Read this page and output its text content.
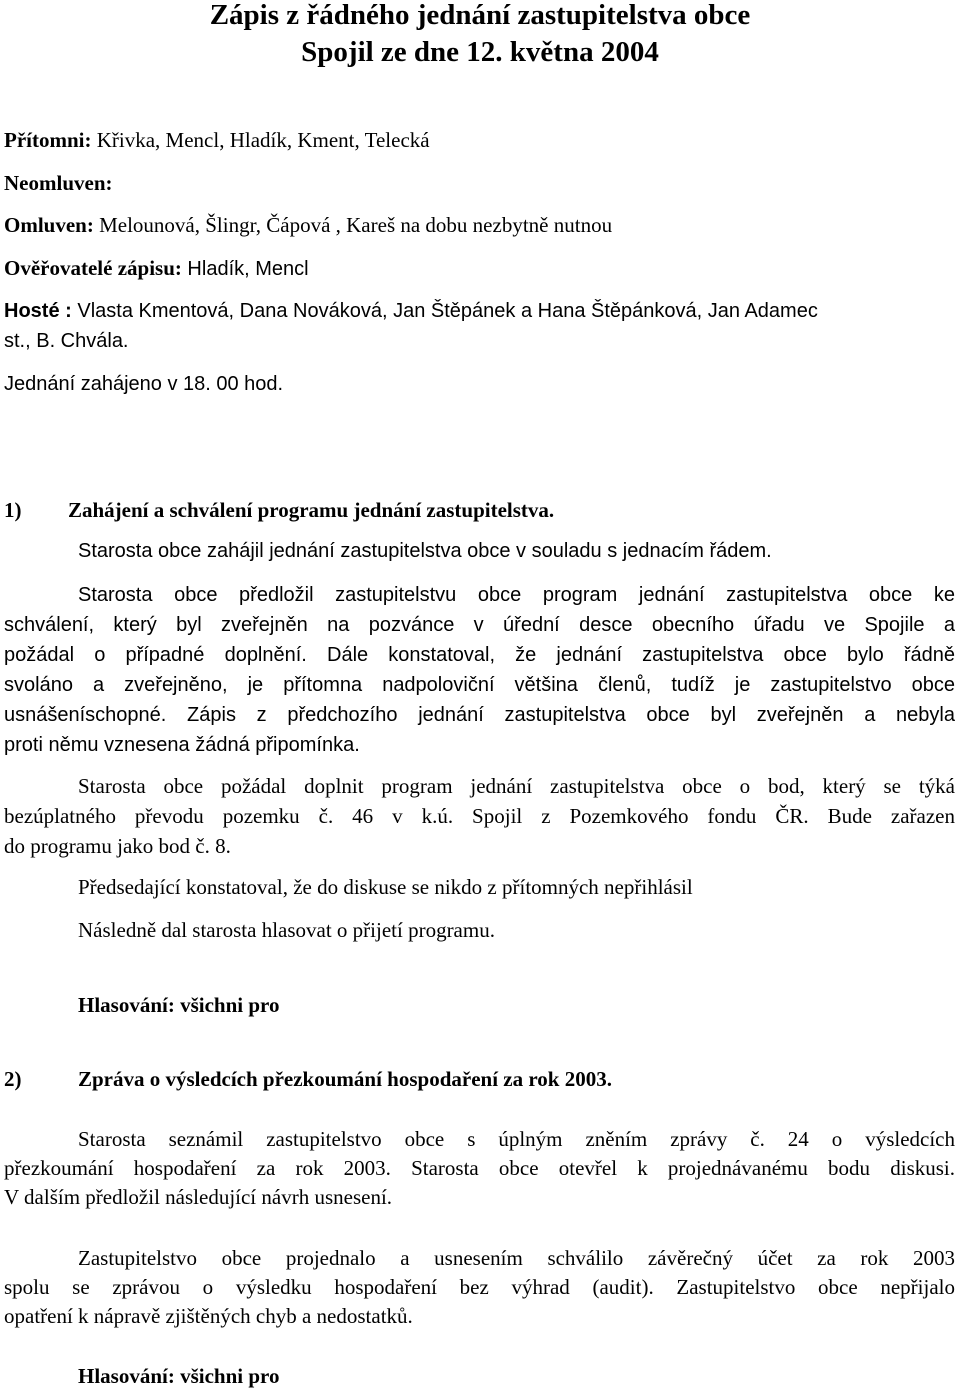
Zápis z řádného jednání zastupitelstva obce
Spojil ze dne 12. května 2004
Přítomni: Křivka, Mencl, Hladík, Kment, Telecká
Neomluven:
Omluven: Melounová, Šlingr, Čápová , Kareš na dobu nezbytně nutnou
Ověřovatelé zápisu: Hladík, Mencl
Hosté : Vlasta Kmentová, Dana Nováková, Jan Štěpánek a Hana Štěpánková, Jan Adamec
st., B. Chvála.
Jednání zahájeno v 18. 00 hod.
1) Zahájení a schválení programu jednání zastupitelstva.
Starosta obce zahájil jednání zastupitelstva obce v souladu s jednacím řádem.
Starosta obce předložil zastupitelstvu obce program jednání zastupitelstva obce ke
schválení, který byl zveřejněn na pozvánce v úřední desce obecního úřadu ve Spojile a
požádal o případné doplnění. Dále konstatoval, že jednání zastupitelstva obce bylo řádně
svoláno a zveřejněno, je přítomna nadpoloviční většina členů, tudíž je zastupitelstvo obce
usnášeníschopné. Zápis z předchozího jednání zastupitelstva obce byl zveřejněn a nebyla
proti němu vznesena žádná připomínka.
Starosta obce požádal doplnit program jednání zastupitelstva obce o bod, který se týká
bezúplatného převodu pozemku č. 46 v k.ú. Spojil z Pozemkového fondu ČR. Bude zařazen
do programu jako bod č. 8.
Předsedající konstatoval, že do diskuse se nikdo z přítomných nepřihlásil
Následně dal starosta hlasovat o přijetí programu.
Hlasování: všichni pro
2)	Zpráva o výsledcích přezkoumání hospodaření za rok 2003.
Starosta seznámil zastupitelstvo obce s úplným zněním zprávy č. 24 o výsledcích
přezkoumání hospodaření za rok 2003. Starosta obce otevřel k projednávanému bodu diskusi.
V dalším předložil následující návrh usnesení.
Zastupitelstvo obce projednalo a usnesením schválilo závěrečný účet za rok 2003
spolu se zprávou o výsledku hospodaření bez výhrad (audit). Zastupitelstvo obce nepřijalo
opatření k nápravě zjištěných chyb a nedostatků.
Hlasování: všichni pro
